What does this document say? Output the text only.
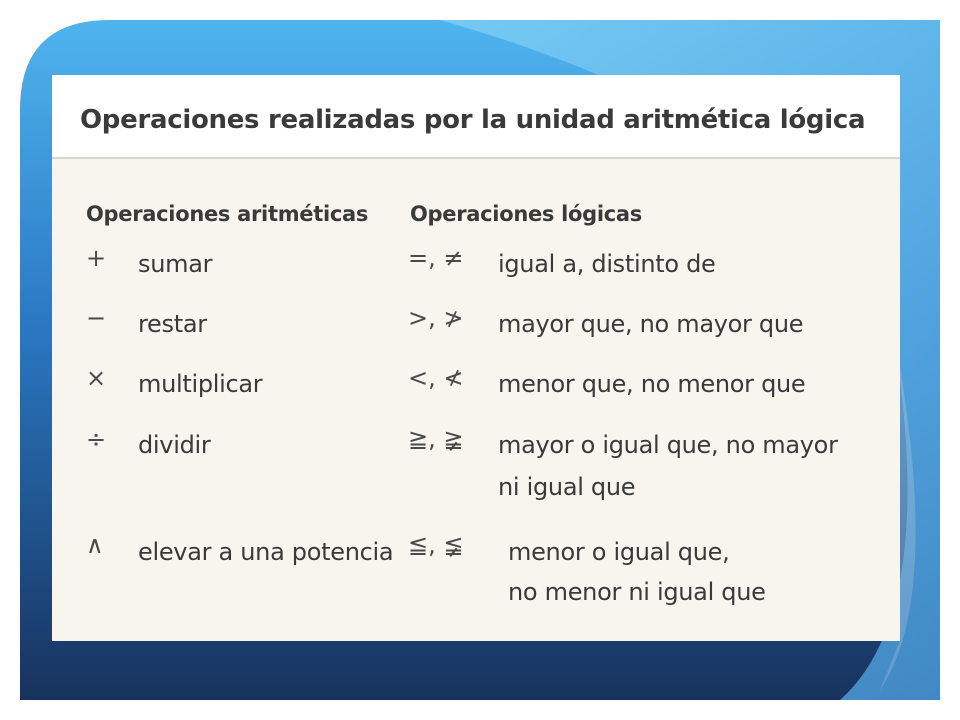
Operaciones realizadas por la unidad aritmética lógica
Operaciones aritméticas Operaciones lógicas
+ sumar
− restar
× multiplicar
÷ dividir
∧ elevar a una potencia
=, ≠ igual a, distinto de
>, ≯ mayor que, no mayor que
<, ≮ menor que, no menor que
≧, ≩ mayor o igual que, no mayor
ni igual que
≦, ≨ menor o igual que,
no menor ni igual que
